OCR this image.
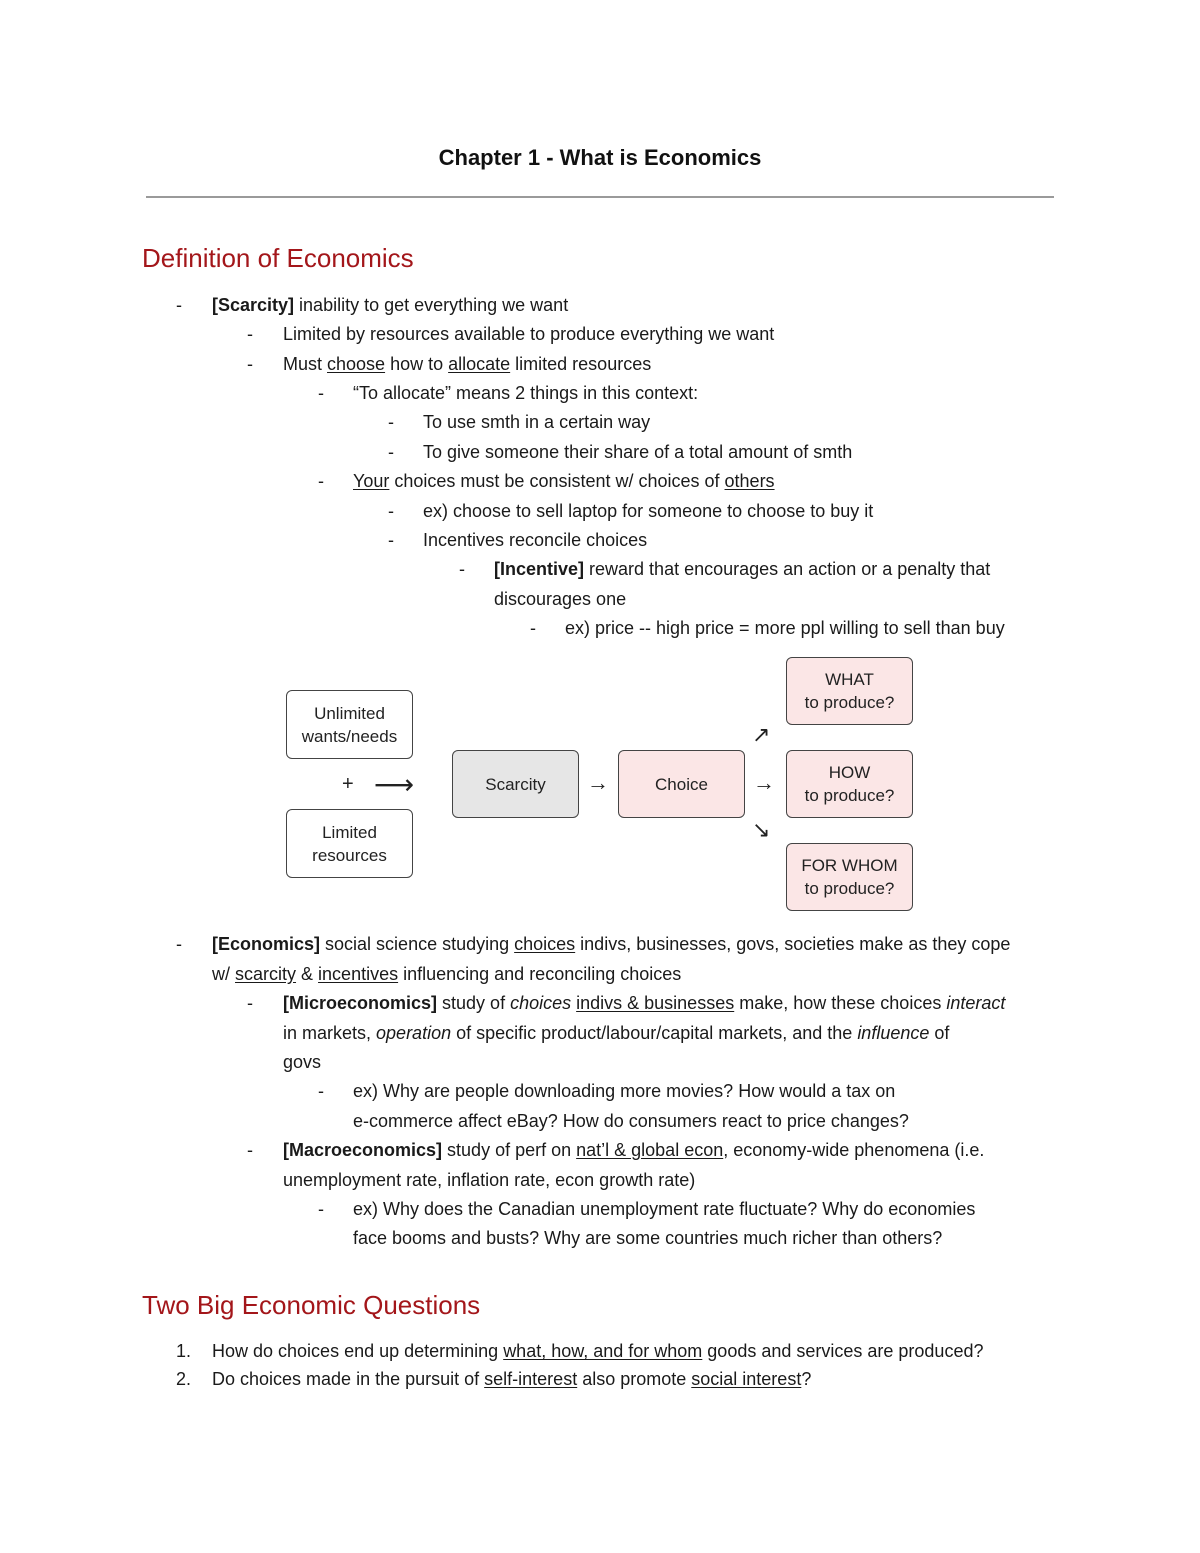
Chapter 1 - What is Economics
Definition of Economics
- [Scarcity] inability to get everything we want
- Limited by resources available to produce everything we want
- Must choose how to allocate limited resources
- “To allocate” means 2 things in this context:
- To use smth in a certain way
- To give someone their share of a total amount of smth
- Your choices must be consistent w/ choices of others
- ex) choose to sell laptop for someone to choose to buy it
- Incentives reconcile choices
- [Incentive] reward that encourages an action or a penalty that
discourages one
- ex) price -- high price = more ppl willing to sell than buy
Unlimited
wants/needs
+
Limited
resources
⟶	Scarcity →	Choice
↗
→
↘
WHAT
to produce?
HOW
to produce?
FOR WHOM
to produce?
- [Economics] social science studying choices indivs, businesses, govs, societies make as they cope
w/ scarcity & incentives influencing and reconciling choices
- [Microeconomics] study of choices indivs & businesses make, how these choices interact
in markets, operation of specific product/labour/capital markets, and the influence of
govs
- ex) Why are people downloading more movies? How would a tax on
e-commerce affect eBay? How do consumers react to price changes?
- [Macroeconomics] study of perf on nat’l & global econ, economy-wide phenomena (i.e.
unemployment rate, inflation rate, econ growth rate)
- ex) Why does the Canadian unemployment rate fluctuate? Why do economies
face booms and busts? Why are some countries much richer than others?
Two Big Economic Questions
1. How do choices end up determining what, how, and for whom goods and services are produced?
2. Do choices made in the pursuit of self-interest also promote social interest?
